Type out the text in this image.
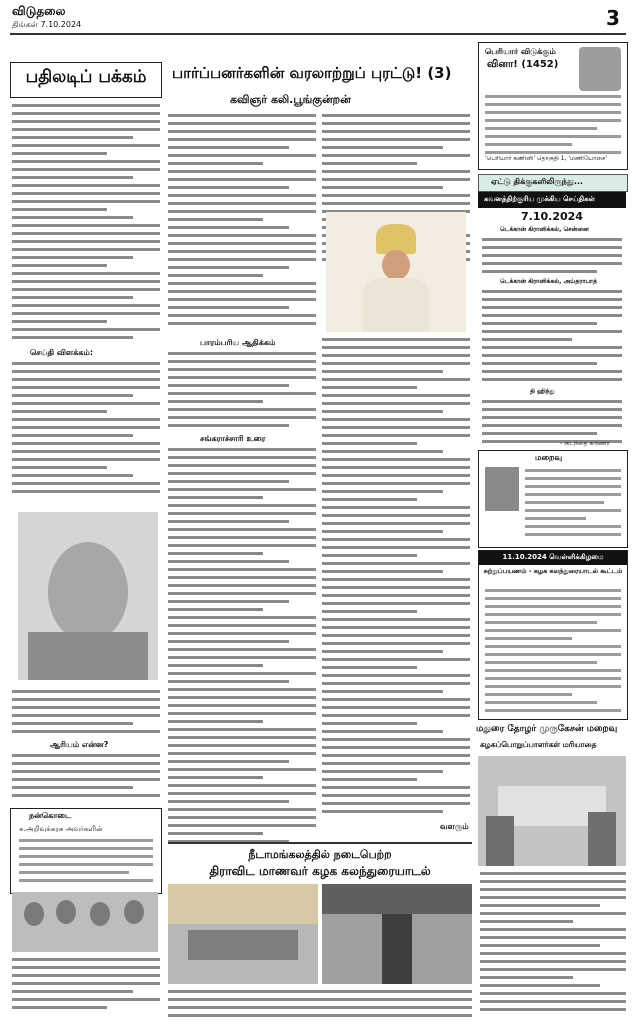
விடுதலை
திங்கள் 7.10.2024	3
பதிலடிப் பக்கம்	பார்ப்பனர்களின் வரலாற்றுப் புரட்டு! (3)
கவிஞர் கலி.பூங்குன்றன்
செய்தி விளக்கம்:
ஆரியம் என்ன?
நன்கொடை
சு.அறிவுக்கரசு அவர்களின்
பாரம்பரிய ஆதிக்கம்
சங்கராச்சாரி உரை
வளரும்
பெரியார் விடுக்கும்
வினா! (1452)
'பெரியார் கணினி' தொகுதி 1, 'மணியோசை'
ஏட்டு திக்குகளிலிருந்து...
கவனத்திற்குரிய முக்கிய செய்திகள்
7.10.2024
டெக்கான் கிரானிக்கல், சென்னை
டெக்கான் கிரானிக்கல், அய்தராபாத்
தி ஹிந்து
- குடந்தை கருணா
மறைவு
11.10.2024 வெள்ளிக்கிழமை
சுற்றுப்பயணம் - கழக கலந்துரையாடல் கூட்டம்
மதுரை தோழர் முருகேசன் மறைவு
கழகப்பொறுப்பாளர்கள் மரியாதை
நீடாமங்கலத்தில் நடைபெற்ற
திராவிட மாணவர் கழக கலந்துரையாடல்
